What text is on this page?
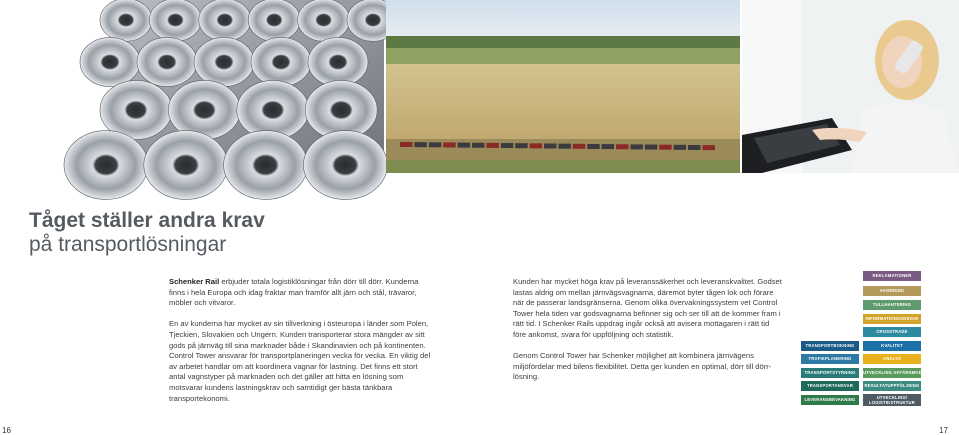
Tåget ställer andra krav
på transportlösningar

Schenker Rail erbjuder totala logistiklösningar från dörr till dörr. Kunderna finns i hela Europa och idag fraktar man framför allt järn och stål, trävaror, möbler och vitvaror.

En av kunderna har mycket av sin tillverkning i östeuropa i länder som Polen, Tjeckien, Slovakien och Ungern. Kunden transporterar stora mängder av sitt gods på järnväg till sina marknader både i Skandinavien och på kontinenten. Control Tower ansvarar för transportplaneringen vecka för vecka. En viktig del av arbetet handlar om att koordinera vagnar för lastning. Det finns ett stort antal vagnstyper på marknaden och det gäller att hitta en lösning som motsvarar kundens lastningskrav och samtidigt ger bästa tänkbara transportekonomi.

Kunden har mycket höga krav på leveranssäkerhet och leveranskvalitet. Godset lastas aldrig om mellan järnvägsvagnarna, däremot byter tågen lok och förare när de passerar landsgränserna. Genom olika övervakningssystem vet Control Tower hela tiden var godsvagnarna befinner sig och ser till att de kommer fram i rätt tid. I Schenker Rails uppdrag ingår också att avisera mottagaren i rätt tid före ankomst, svara för uppföljning och statistik.

Genom Control Tower har Schenker möjlighet att kombinera järnvägens miljöfördelar med bilens flexibilitet. Detta ger kunden en optimal, dörr till dörr-lösning.

TRANSPORTBOKNING
TRAFIKPLANERING
TRANSPORTSTYRNING
TRANSPORTANSVAR
LEVERANSBEVAKNING
REKLAMATIONER
AVISERING
TULLHANTERING
INFORMATIONSANSVAR
CROSSTRADE
KVALITET
ANALYS
UTVECKLING AFFÄRSMODELL
RESULTATUPPFÖLJNING
UTVECKLING/
LOGISTIKSTRUKTUR
16	17
